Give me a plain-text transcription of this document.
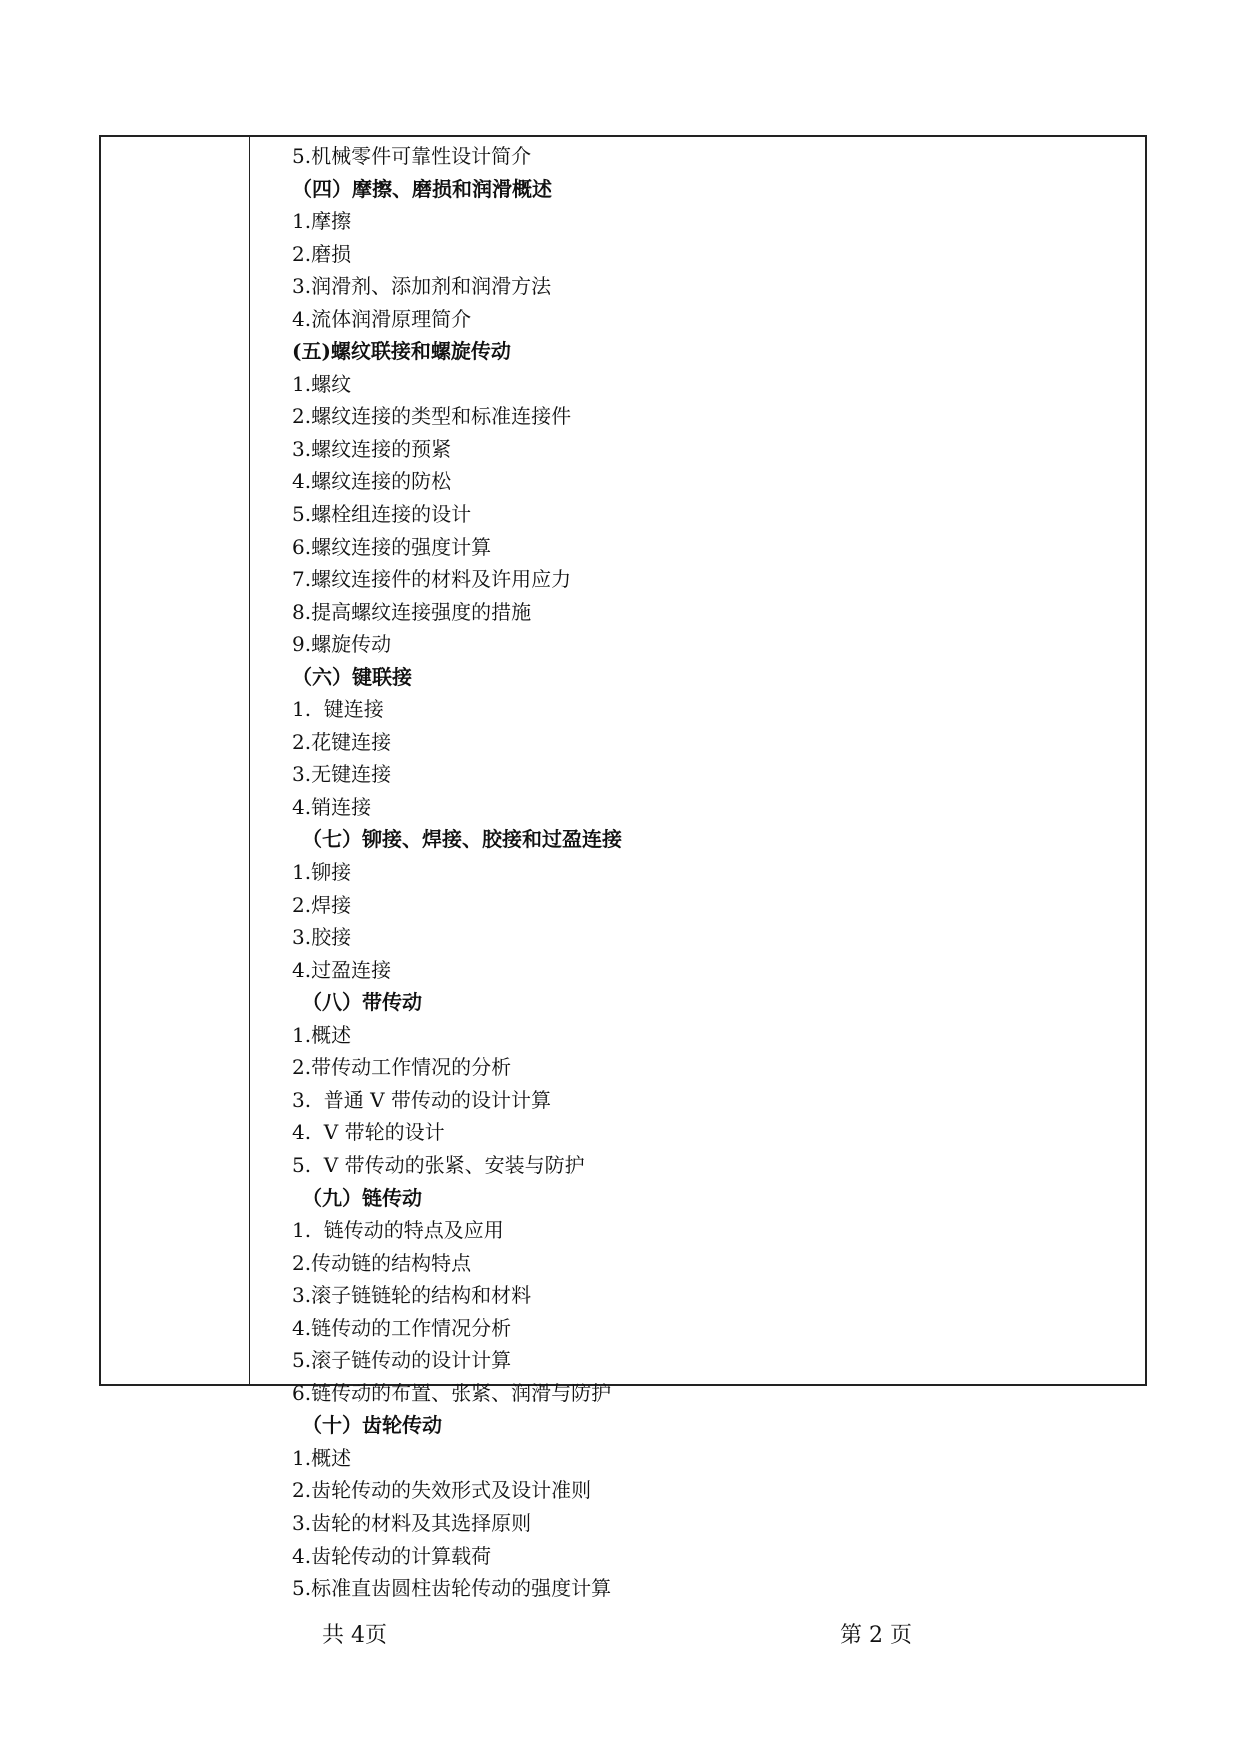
5.机械零件可靠性设计简介
（四）摩擦、磨损和润滑概述
1.摩擦
2.磨损
3.润滑剂、添加剂和润滑方法
4.流体润滑原理简介
(五)螺纹联接和螺旋传动
1.螺纹
2.螺纹连接的类型和标准连接件
3.螺纹连接的预紧
4.螺纹连接的防松
5.螺栓组连接的设计
6.螺纹连接的强度计算
7.螺纹连接件的材料及许用应力
8.提高螺纹连接强度的措施
9.螺旋传动
（六）键联接
1.  键连接
2.花键连接
3.无键连接
4.销连接
（七）铆接、焊接、胶接和过盈连接
1.铆接
2.焊接
3.胶接
4.过盈连接
（八）带传动
1.概述
2.带传动工作情况的分析
3.  普通 V 带传动的设计计算
4.  V 带轮的设计
5.  V 带传动的张紧、安装与防护
（九）链传动
1.  链传动的特点及应用
2.传动链的结构特点
3.滚子链链轮的结构和材料
4.链传动的工作情况分析
5.滚子链传动的设计计算
6.链传动的布置、张紧、润滑与防护
（十）齿轮传动
1.概述
2.齿轮传动的失效形式及设计准则
3.齿轮的材料及其选择原则
4.齿轮传动的计算载荷
5.标准直齿圆柱齿轮传动的强度计算
共 4页	第 2 页
